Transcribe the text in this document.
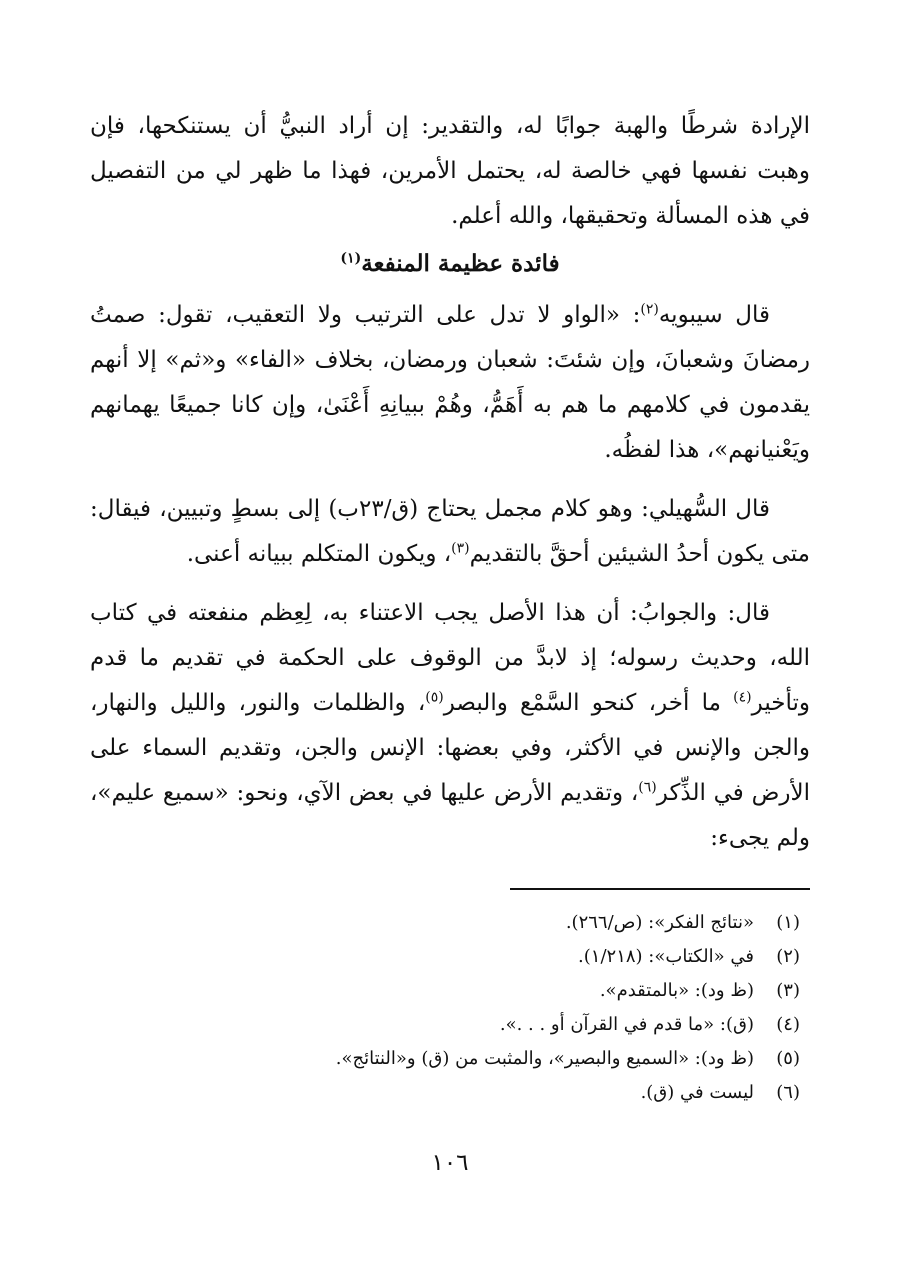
الإرادة شرطًا والهبة جوابًا له، والتقدير: إن أراد النبيُّ أن يستنكحها، فإن وهبت نفسها فهي خالصة له، يحتمل الأمرين، فهذا ما ظهر لي من التفصيل في هذه المسألة وتحقيقها، والله أعلم.

فائدة عظيمة المنفعة$^{(١)}$

قال سيبويه$^{(٢)}$: «الواو لا تدل على الترتيب ولا التعقيب، تقول: صمتُ رمضانَ وشعبانَ، وإن شئتَ: شعبان ورمضان، بخلاف «الفاء» و«ثم» إلا أنهم يقدمون في كلامهم ما هم به أَهَمُّ، وهُمْ ببيانِهِ أَعْنَىٰ، وإن كانا جميعًا يهمانهم ويَعْنيانهم»، هذا لفظُه.

قال السُّهيلي: وهو كلام مجمل يحتاج (ق/٢٣ب) إلى بسطٍ وتبيين، فيقال: متى يكون أحدُ الشيئين أحقَّ بالتقديم$^{(٣)}$، ويكون المتكلم ببيانه أعنى.

قال: والجوابُ: أن هذا الأصل يجب الاعتناء به، لِعِظم منفعته في كتاب الله، وحديث رسوله؛ إذ لابدَّ من الوقوف على الحكمة في تقديم ما قدم وتأخير$^{(٤)}$ ما أخر، كنحو السَّمْع والبصر$^{(٥)}$، والظلمات والنور، والليل والنهار، والجن والإنس في الأكثر، وفي بعضها: الإنس والجن، وتقديم السماء على الأرض في الذِّكر$^{(٦)}$، وتقديم الأرض عليها في بعض الآي، ونحو: «سميع عليم»، ولم يجىء:

(١)
«نتائج الفكر»: (ص/٢٦٦).
(٢)
في «الكتاب»: (١/٢١٨).
(٣)
(ظ ود): «بالمتقدم».
(٤)
(ق): «ما قدم في القرآن أو . . .».
(٥)
(ظ ود): «السميع والبصير»، والمثبت من (ق) و«النتائج».
(٦)
ليست في (ق).
١٠٦
